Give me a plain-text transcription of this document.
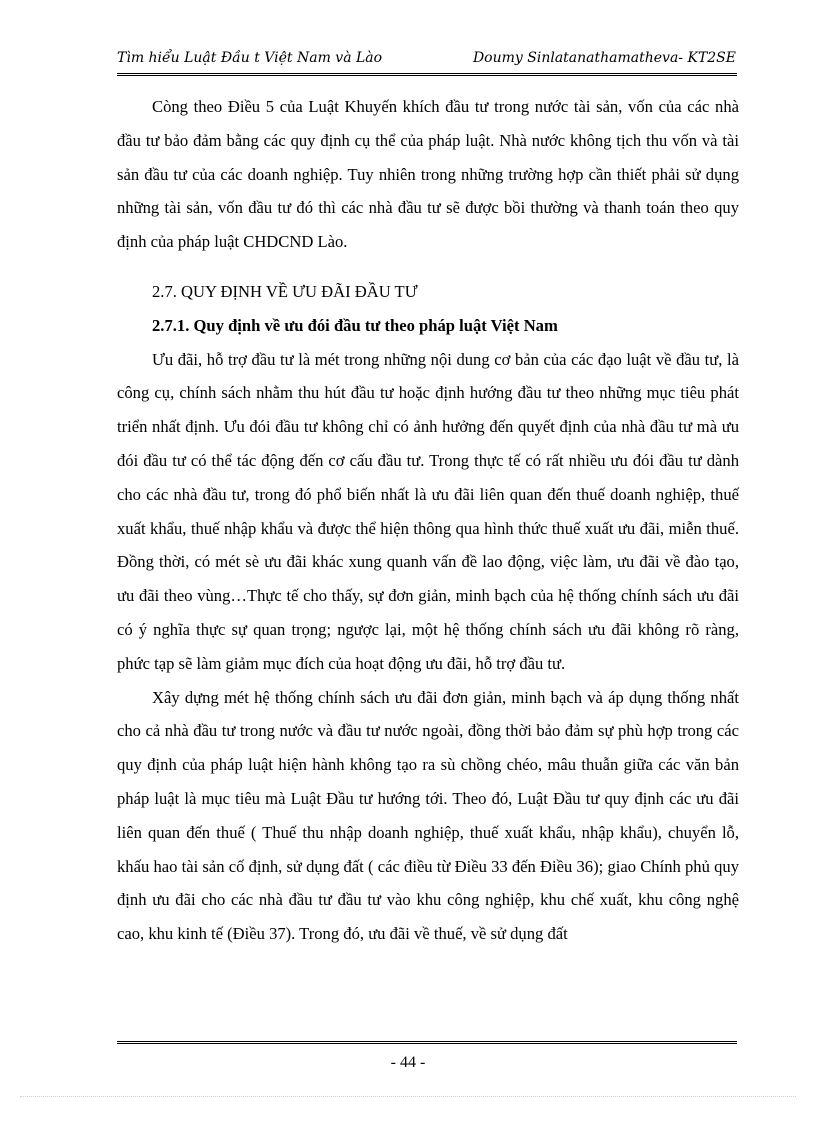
Tìm hiểu Luật Đầu t Việt Nam và Lào	Doumy Sinlatanathamatheva- KT2SE

Còng theo Điều 5 của Luật Khuyến khích đầu tư trong nước tài sản, vốn của các nhà đầu tư bảo đảm bằng các quy định cụ thể của pháp luật. Nhà nước không tịch thu vốn và tài sản đầu tư của các doanh nghiệp. Tuy nhiên trong những trường hợp cần thiết phải sử dụng những tài sản, vốn đầu tư đó thì các nhà đầu tư sẽ được bồi thường và thanh toán theo quy định của pháp luật CHDCND Lào.

2.7. QUY ĐỊNH VỀ ƯU ĐÃI ĐẦU TƯ

2.7.1. Quy định về ưu đói đầu tư theo pháp luật Việt Nam

Ưu đãi, hỗ trợ đầu tư là mét trong những nội dung cơ bản của các đạo luật về đầu tư, là công cụ, chính sách nhằm thu hút đầu tư hoặc định hướng đầu tư theo những mục tiêu phát triển nhất định. Ưu đói đầu tư không chỉ có ảnh hưởng đến quyết định của nhà đầu tư mà ưu đói đầu tư có thể tác động đến cơ cấu đầu tư. Trong thực tế có rất nhiều ưu đói đầu tư dành cho các nhà đầu tư, trong đó phổ biến nhất là ưu đãi liên quan đến thuế doanh nghiệp, thuế xuất khẩu, thuế nhập khẩu và được thể hiện thông qua hình thức thuế xuất ưu đãi, miễn thuế. Đồng thời, có mét sè ưu đãi khác xung quanh vấn đề lao động, việc làm, ưu đãi về đào tạo, ưu đãi theo vùng…Thực tế cho thấy, sự đơn giản, minh bạch của hệ thống chính sách ưu đãi có ý nghĩa thực sự quan trọng; ngược lại, một hệ thống chính sách ưu đãi không rõ ràng, phức tạp sẽ làm giảm mục đích của hoạt động ưu đãi, hỗ trợ đầu tư.

Xây dựng mét hệ thống chính sách ưu đãi đơn giản, minh bạch và áp dụng thống nhất cho cả nhà đầu tư trong nước và đầu tư nước ngoài, đồng thời bảo đảm sự phù hợp trong các quy định của pháp luật hiện hành không tạo ra sù chồng chéo, mâu thuẫn giữa các văn bản pháp luật là mục tiêu mà Luật Đầu tư hướng tới. Theo đó, Luật Đầu tư quy định các ưu đãi liên quan đến thuế ( Thuế thu nhập doanh nghiệp, thuế xuất khẩu, nhập khẩu), chuyển lỗ, khấu hao tài sản cố định, sử dụng đất ( các điều từ Điều 33 đến Điều 36); giao Chính phủ quy định ưu đãi cho các nhà đầu tư đầu tư vào khu công nghiệp, khu chế xuất, khu công nghệ cao, khu kinh tế (Điều 37). Trong đó, ưu đãi về thuế, về sử dụng đất

- 44 -
